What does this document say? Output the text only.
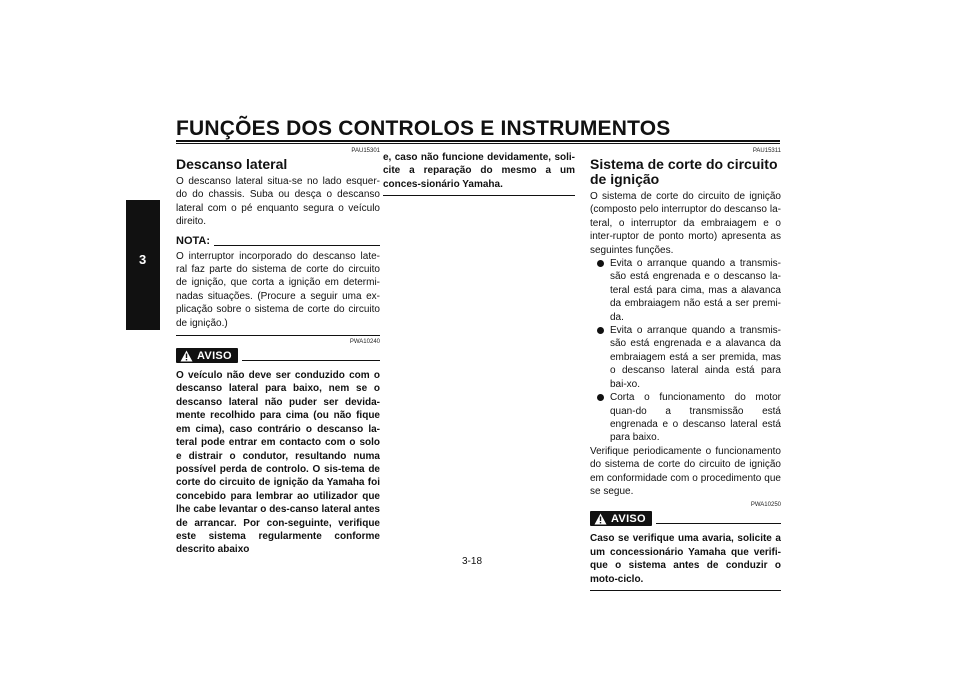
FUNÇÕES DOS CONTROLOS E INSTRUMENTOS
3
PAU15301
Descanso lateral

O descanso lateral situa-se no lado esquer-do do chassis. Suba ou desça o descanso lateral com o pé enquanto segura o veículo direito.

NOTA:

O interruptor incorporado do descanso late-ral faz parte do sistema de corte do circuito de ignição, que corta a ignição em determi-nadas situações. (Procure a seguir uma ex-plicação sobre o sistema de corte do circuito de ignição.)

PWA10240
AVISO

O veículo não deve ser conduzido com o descanso lateral para baixo, nem se o descanso lateral não puder ser devida-mente recolhido para cima (ou não fique em cima), caso contrário o descanso la-teral pode entrar em contacto com o solo e distrair o condutor, resultando numa possível perda de controlo. O sis-tema de corte do circuito de ignição da Yamaha foi concebido para lembrar ao utilizador que lhe cabe levantar o des-canso lateral antes de arrancar. Por con-seguinte, verifique este sistema regularmente conforme descrito abaixo

e, caso não funcione devidamente, soli-cite a reparação do mesmo a um conces-sionário Yamaha.

PAU15311
Sistema de corte do circuito de ignição

O sistema de corte do circuito de ignição (composto pelo interruptor do descanso la-teral, o interruptor da embraiagem e o inter-ruptor de ponto morto) apresenta as seguintes funções.

Evita o arranque quando a transmis-são está engrenada e o descanso la-teral está para cima, mas a alavanca da embraiagem não está a ser premi-da.
Evita o arranque quando a transmis-são está engrenada e a alavanca da embraiagem está a ser premida, mas o descanso lateral ainda está para bai-xo.
Corta o funcionamento do motor quan-do a transmissão está engrenada e o descanso lateral está para baixo.

Verifique periodicamente o funcionamento do sistema de corte do circuito de ignição em conformidade com o procedimento que se segue.

PWA10250
AVISO

Caso se verifique uma avaria, solicite a um concessionário Yamaha que verifi-que o sistema antes de conduzir o moto-ciclo.

3-18
